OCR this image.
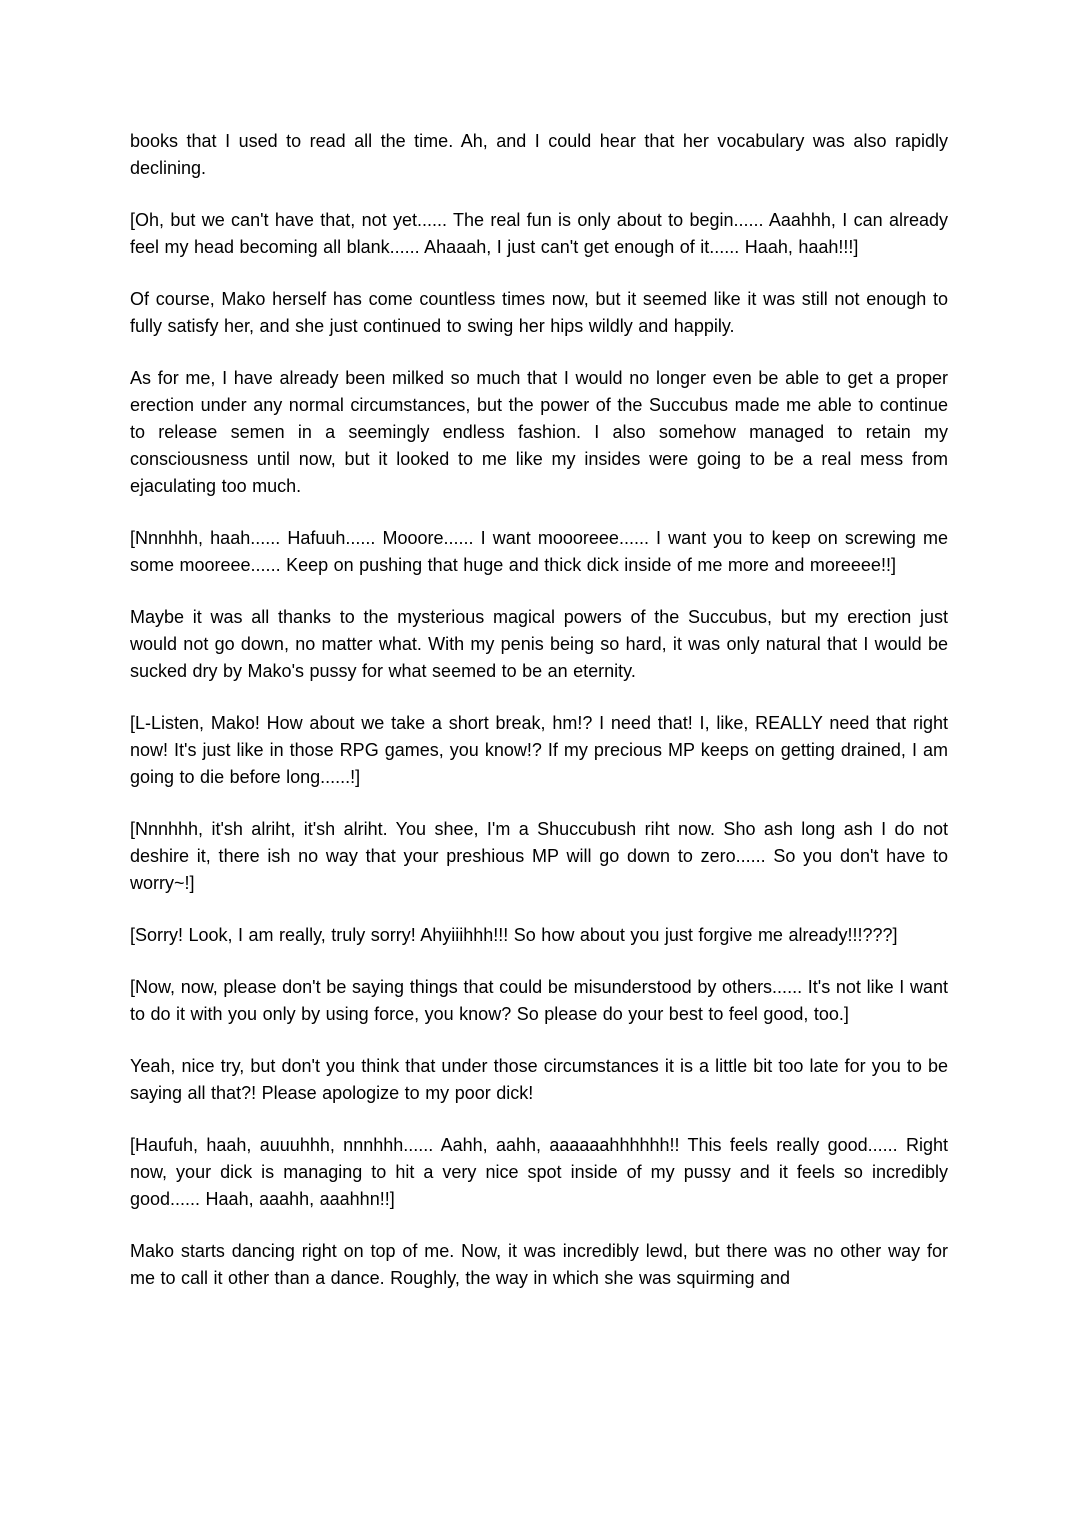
books that I used to read all the time. Ah, and I could hear that her vocabulary was also rapidly declining.

[Oh, but we can't have that, not yet...... The real fun is only about to begin...... Aaahhh, I can already feel my head becoming all blank...... Ahaaah, I just can't get enough of it...... Haah, haah!!!]

Of course, Mako herself has come countless times now, but it seemed like it was still not enough to fully satisfy her, and she just continued to swing her hips wildly and happily.

As for me, I have already been milked so much that I would no longer even be able to get a proper erection under any normal circumstances, but the power of the Succubus made me able to continue to release semen in a seemingly endless fashion. I also somehow managed to retain my consciousness until now, but it looked to me like my insides were going to be a real mess from ejaculating too much.

[Nnnhhh, haah...... Hafuuh...... Mooore...... I want moooreee...... I want you to keep on screwing me some mooreee...... Keep on pushing that huge and thick dick inside of me more and moreeee!!]

Maybe it was all thanks to the mysterious magical powers of the Succubus, but my erection just would not go down, no matter what. With my penis being so hard, it was only natural that I would be sucked dry by Mako's pussy for what seemed to be an eternity.

[L-Listen, Mako! How about we take a short break, hm!? I need that! I, like, REALLY need that right now! It's just like in those RPG games, you know!? If my precious MP keeps on getting drained, I am going to die before long......!]

[Nnnhhh, it'sh alriht, it'sh alriht. You shee, I'm a Shuccubush riht now. Sho ash long ash I do not deshire it, there ish no way that your preshious MP will go down to zero...... So you don't have to worry~!]

[Sorry! Look, I am really, truly sorry! Ahyiiihhh!!! So how about you just forgive me already!!!???]

[Now, now, please don't be saying things that could be misunderstood by others...... It's not like I want to do it with you only by using force, you know? So please do your best to feel good, too.]

Yeah, nice try, but don't you think that under those circumstances it is a little bit too late for you to be saying all that?! Please apologize to my poor dick!

[Haufuh, haah, auuuhhh, nnnhhh...... Aahh, aahh, aaaaaahhhhhh!! This feels really good...... Right now, your dick is managing to hit a very nice spot inside of my pussy and it feels so incredibly good...... Haah, aaahh, aaahhn!!]

Mako starts dancing right on top of me. Now, it was incredibly lewd, but there was no other way for me to call it other than a dance. Roughly, the way in which she was squirming and
